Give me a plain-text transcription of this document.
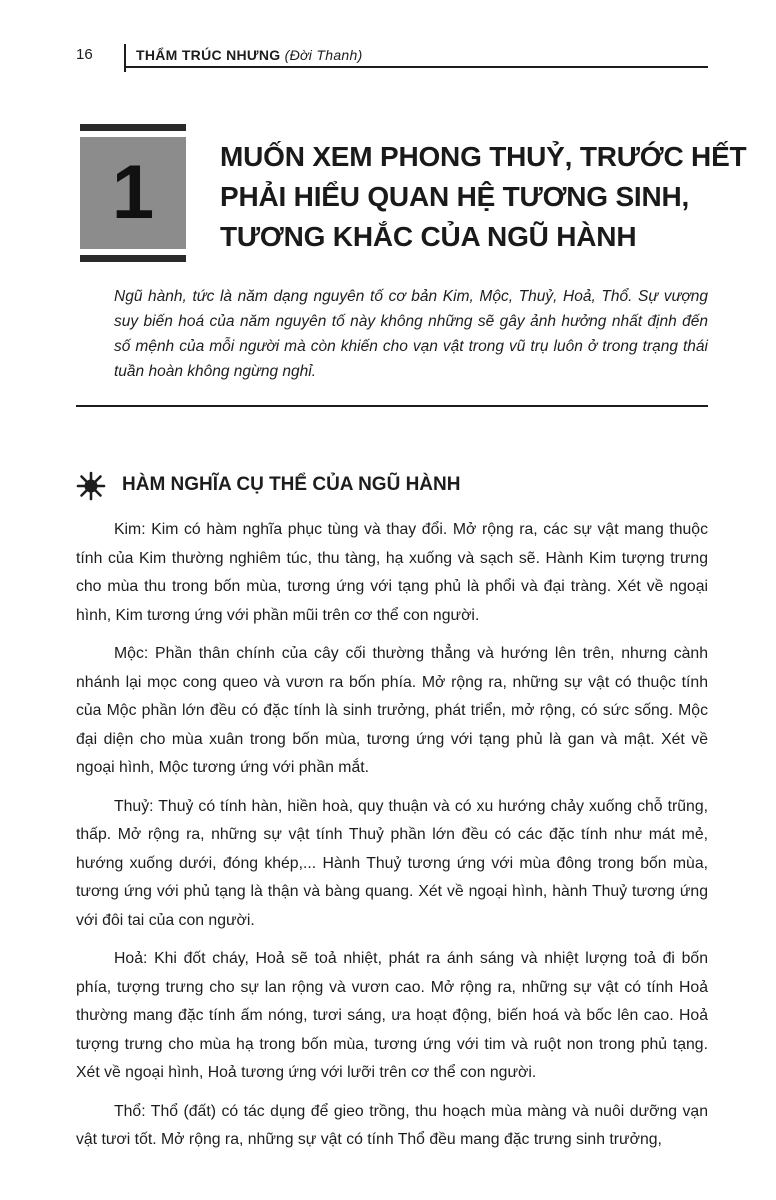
16	THẨM TRÚC NHƯNG (Đời Thanh)
1	MUỐN XEM PHONG THUỶ, TRƯỚC HẾT
PHẢI HIỂU QUAN HỆ TƯƠNG SINH,
TƯƠNG KHẮC CỦA NGŨ HÀNH
Ngũ hành, tức là năm dạng nguyên tố cơ bản Kim, Mộc, Thuỷ, Hoả, Thổ. Sự vượng suy biến hoá của năm nguyên tố này không những sẽ gây ảnh hưởng nhất định đến số mệnh của mỗi người mà còn khiến cho vạn vật trong vũ trụ luôn ở trong trạng thái tuần hoàn không ngừng nghỉ.
HÀM NGHĨA CỤ THỂ CỦA NGŨ HÀNH

Kim: Kim có hàm nghĩa phục tùng và thay đổi. Mở rộng ra, các sự vật mang thuộc tính của Kim thường nghiêm túc, thu tàng, hạ xuống và sạch sẽ. Hành Kim tượng trưng cho mùa thu trong bốn mùa, tương ứng với tạng phủ là phổi và đại tràng. Xét về ngoại hình, Kim tương ứng với phần mũi trên cơ thể con người.

Mộc: Phần thân chính của cây cối thường thẳng và hướng lên trên, nhưng cành nhánh lại mọc cong queo và vươn ra bốn phía. Mở rộng ra, những sự vật có thuộc tính của Mộc phần lớn đều có đặc tính là sinh trưởng, phát triển, mở rộng, có sức sống. Mộc đại diện cho mùa xuân trong bốn mùa, tương ứng với tạng phủ là gan và mật. Xét về ngoại hình, Mộc tương ứng với phần mắt.

Thuỷ: Thuỷ có tính hàn, hiền hoà, quy thuận và có xu hướng chảy xuống chỗ trũng, thấp. Mở rộng ra, những sự vật tính Thuỷ phần lớn đều có các đặc tính như mát mẻ, hướng xuống dưới, đóng khép,... Hành Thuỷ tương ứng với mùa đông trong bốn mùa, tương ứng với phủ tạng là thận và bàng quang. Xét về ngoại hình, hành Thuỷ tương ứng với đôi tai của con người.

Hoả: Khi đốt cháy, Hoả sẽ toả nhiệt, phát ra ánh sáng và nhiệt lượng toả đi bốn phía, tượng trưng cho sự lan rộng và vươn cao. Mở rộng ra, những sự vật có tính Hoả thường mang đặc tính ấm nóng, tươi sáng, ưa hoạt động, biến hoá và bốc lên cao. Hoả tượng trưng cho mùa hạ trong bốn mùa, tương ứng với tim và ruột non trong phủ tạng. Xét về ngoại hình, Hoả tương ứng với lưỡi trên cơ thể con người.

Thổ: Thổ (đất) có tác dụng để gieo trồng, thu hoạch mùa màng và nuôi dưỡng vạn vật tươi tốt. Mở rộng ra, những sự vật có tính Thổ đều mang đặc trưng sinh trưởng,
